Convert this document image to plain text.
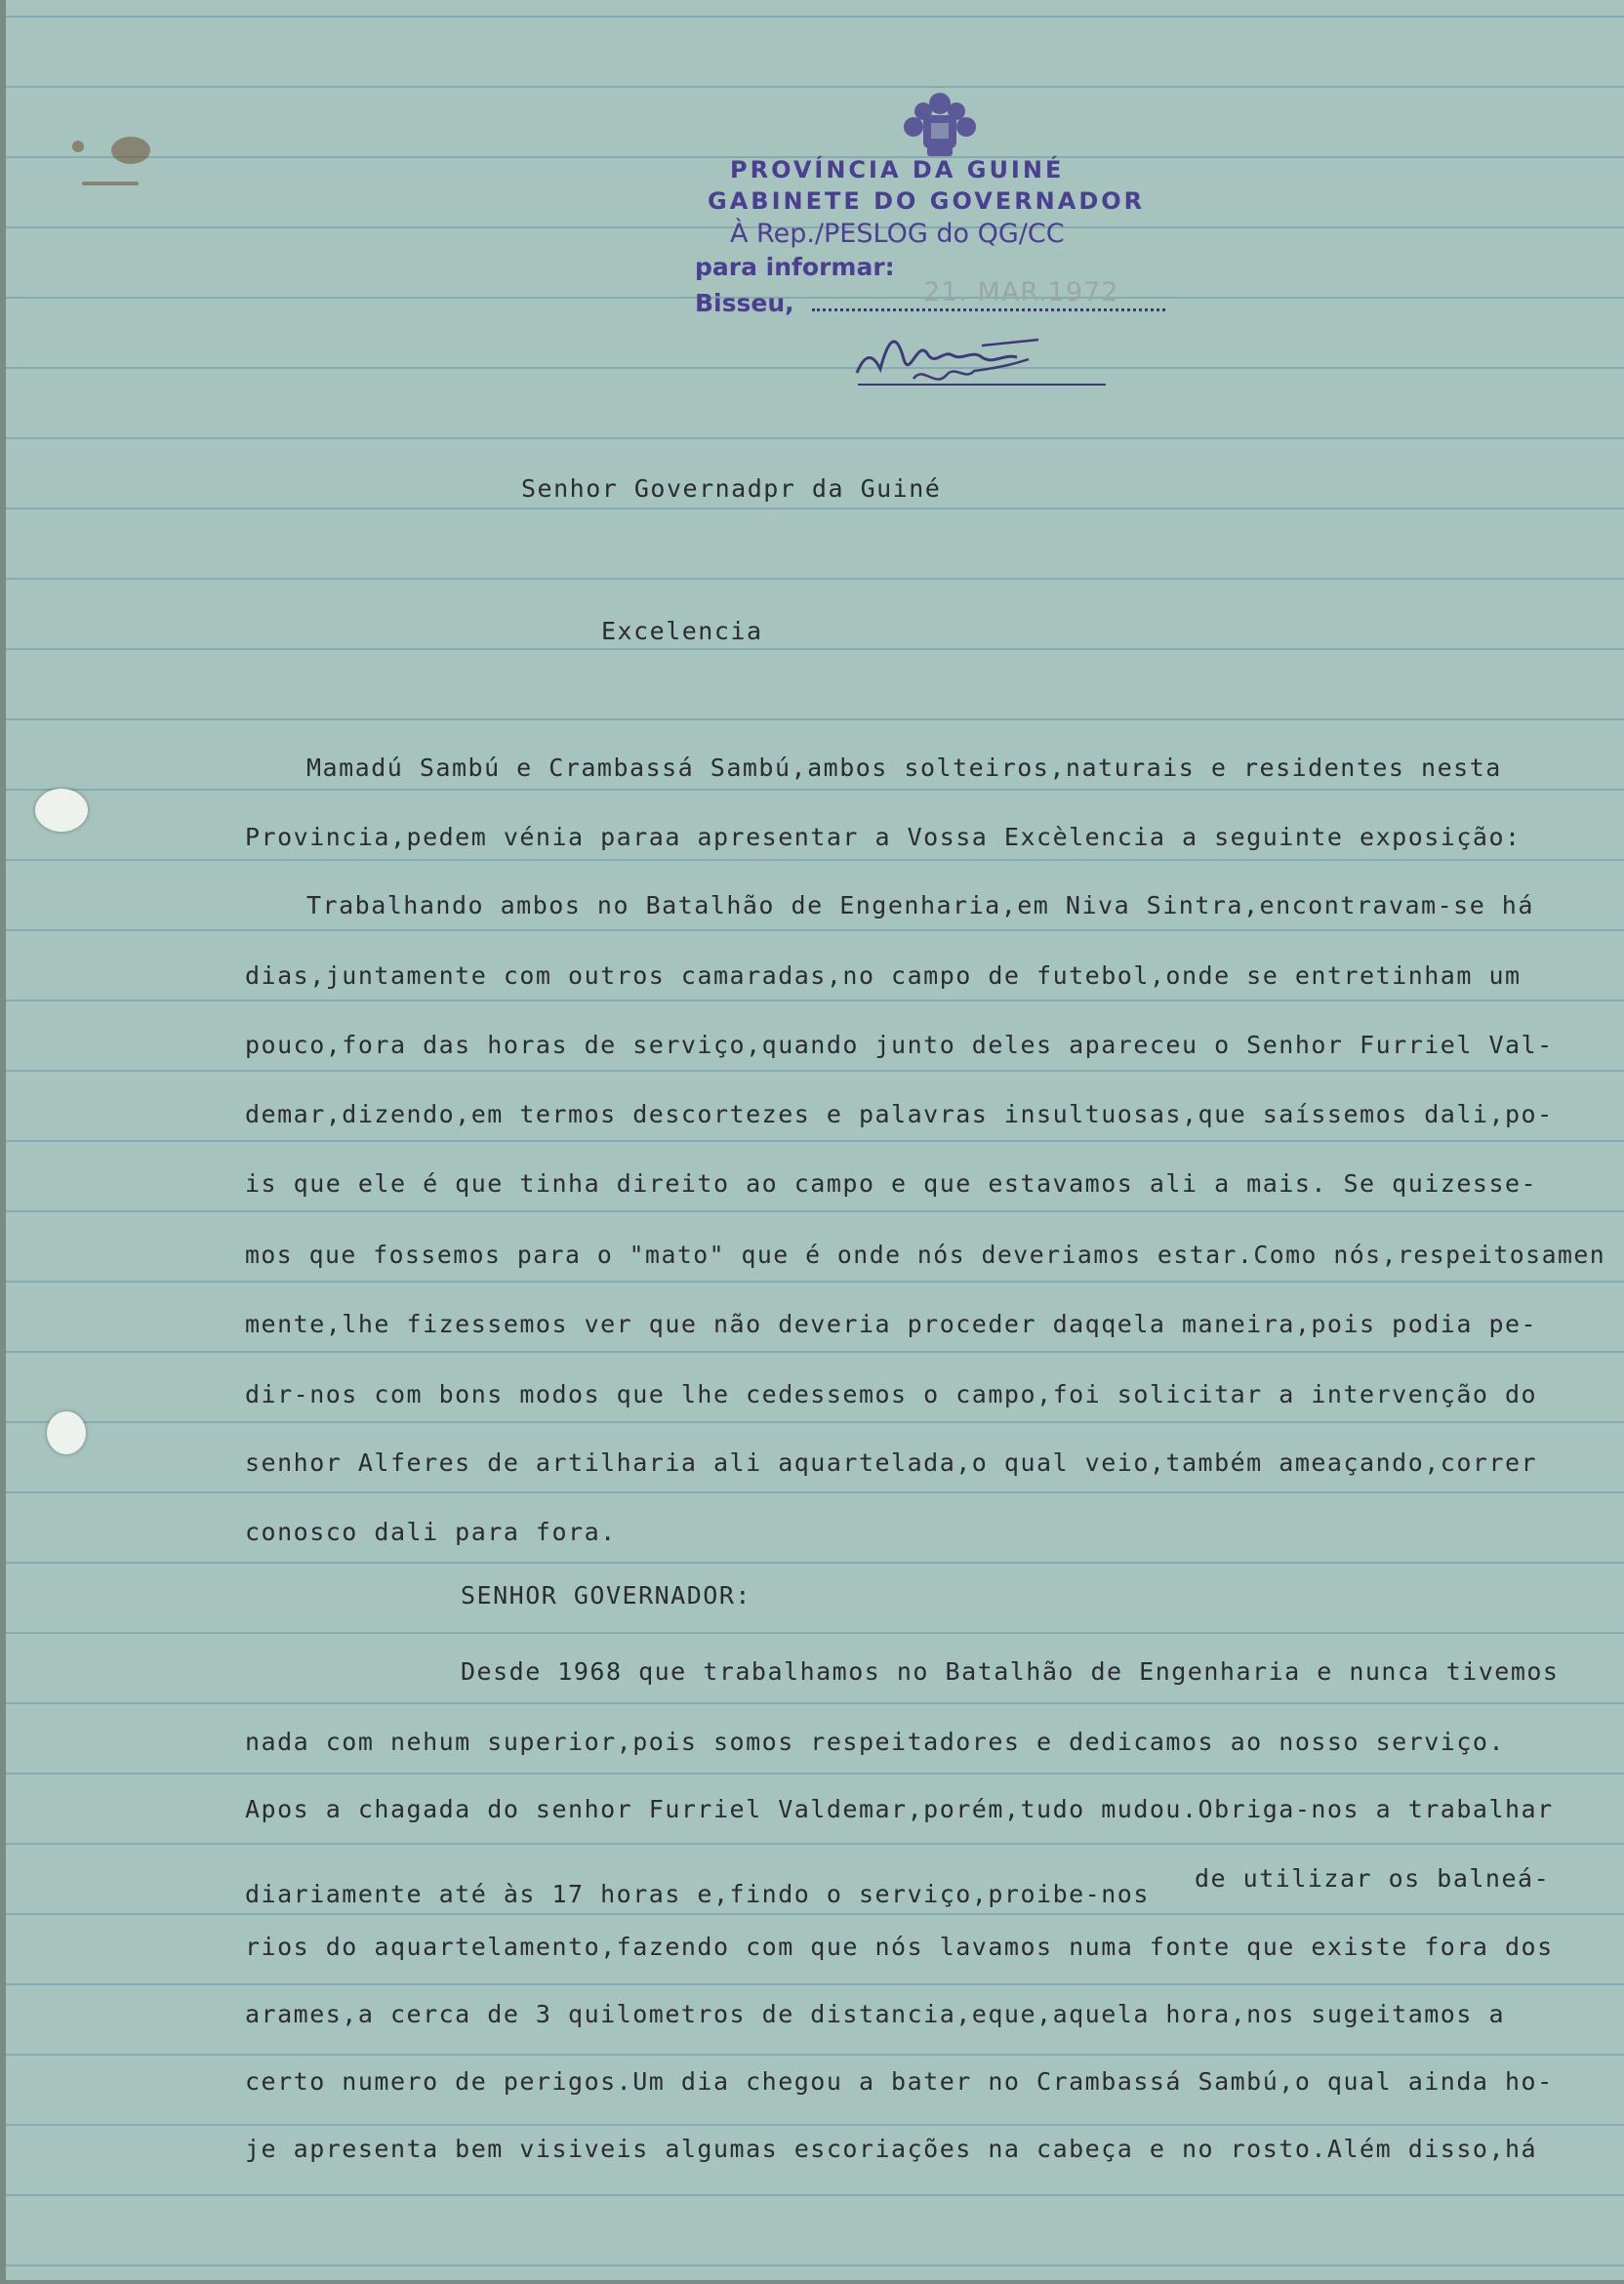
PROVÍNCIA DA GUINÉ
GABINETE DO GOVERNADOR
À Rep./PESLOG do QG/CC
para informar:
Bisseu,	21. MAR.1972
Senhor Governadpr da Guiné
Excelencia
Mamadú Sambú e Crambassá Sambú,ambos solteiros,naturais e residentes nesta
Provincia,pedem vénia paraa apresentar a Vossa Excèlencia a seguinte exposição:
Trabalhando ambos no Batalhão de Engenharia,em Niva Sintra,encontravam-se há
dias,juntamente com outros camaradas,no campo de futebol,onde se entretinham um
pouco,fora das horas de serviço,quando junto deles apareceu o Senhor Furriel Val-
demar,dizendo,em termos descortezes e palavras insultuosas,que saíssemos dali,po-
is que ele é que tinha direito ao campo e que estavamos ali a mais. Se quizesse-
mos que fossemos para o "mato" que é onde nós deveriamos estar.Como nós,respeitosamen
mente,lhe fizessemos ver que não deveria proceder daqqela maneira,pois podia pe-
dir-nos com bons modos que lhe cedessemos o campo,foi solicitar a intervenção do
senhor Alferes de artilharia ali aquartelada,o qual veio,também ameaçando,correr
conosco dali para fora.
SENHOR GOVERNADOR:
Desde 1968 que trabalhamos no Batalhão de Engenharia e nunca tivemos
nada com nehum superior,pois somos respeitadores e dedicamos ao nosso serviço.
Apos a chagada do senhor Furriel Valdemar,porém,tudo mudou.Obriga-nos a trabalhar
diariamente até às 17 horas e,findo o serviço,proibe-nos
de utilizar os balneá-
rios do aquartelamento,fazendo com que nós lavamos numa fonte que existe fora dos
arames,a cerca de 3 quilometros de distancia,eque,aquela hora,nos sugeitamos a
certo numero de perigos.Um dia chegou a bater no Crambassá Sambú,o qual ainda ho-
je apresenta bem visiveis algumas escoriações na cabeça e no rosto.Além disso,há
